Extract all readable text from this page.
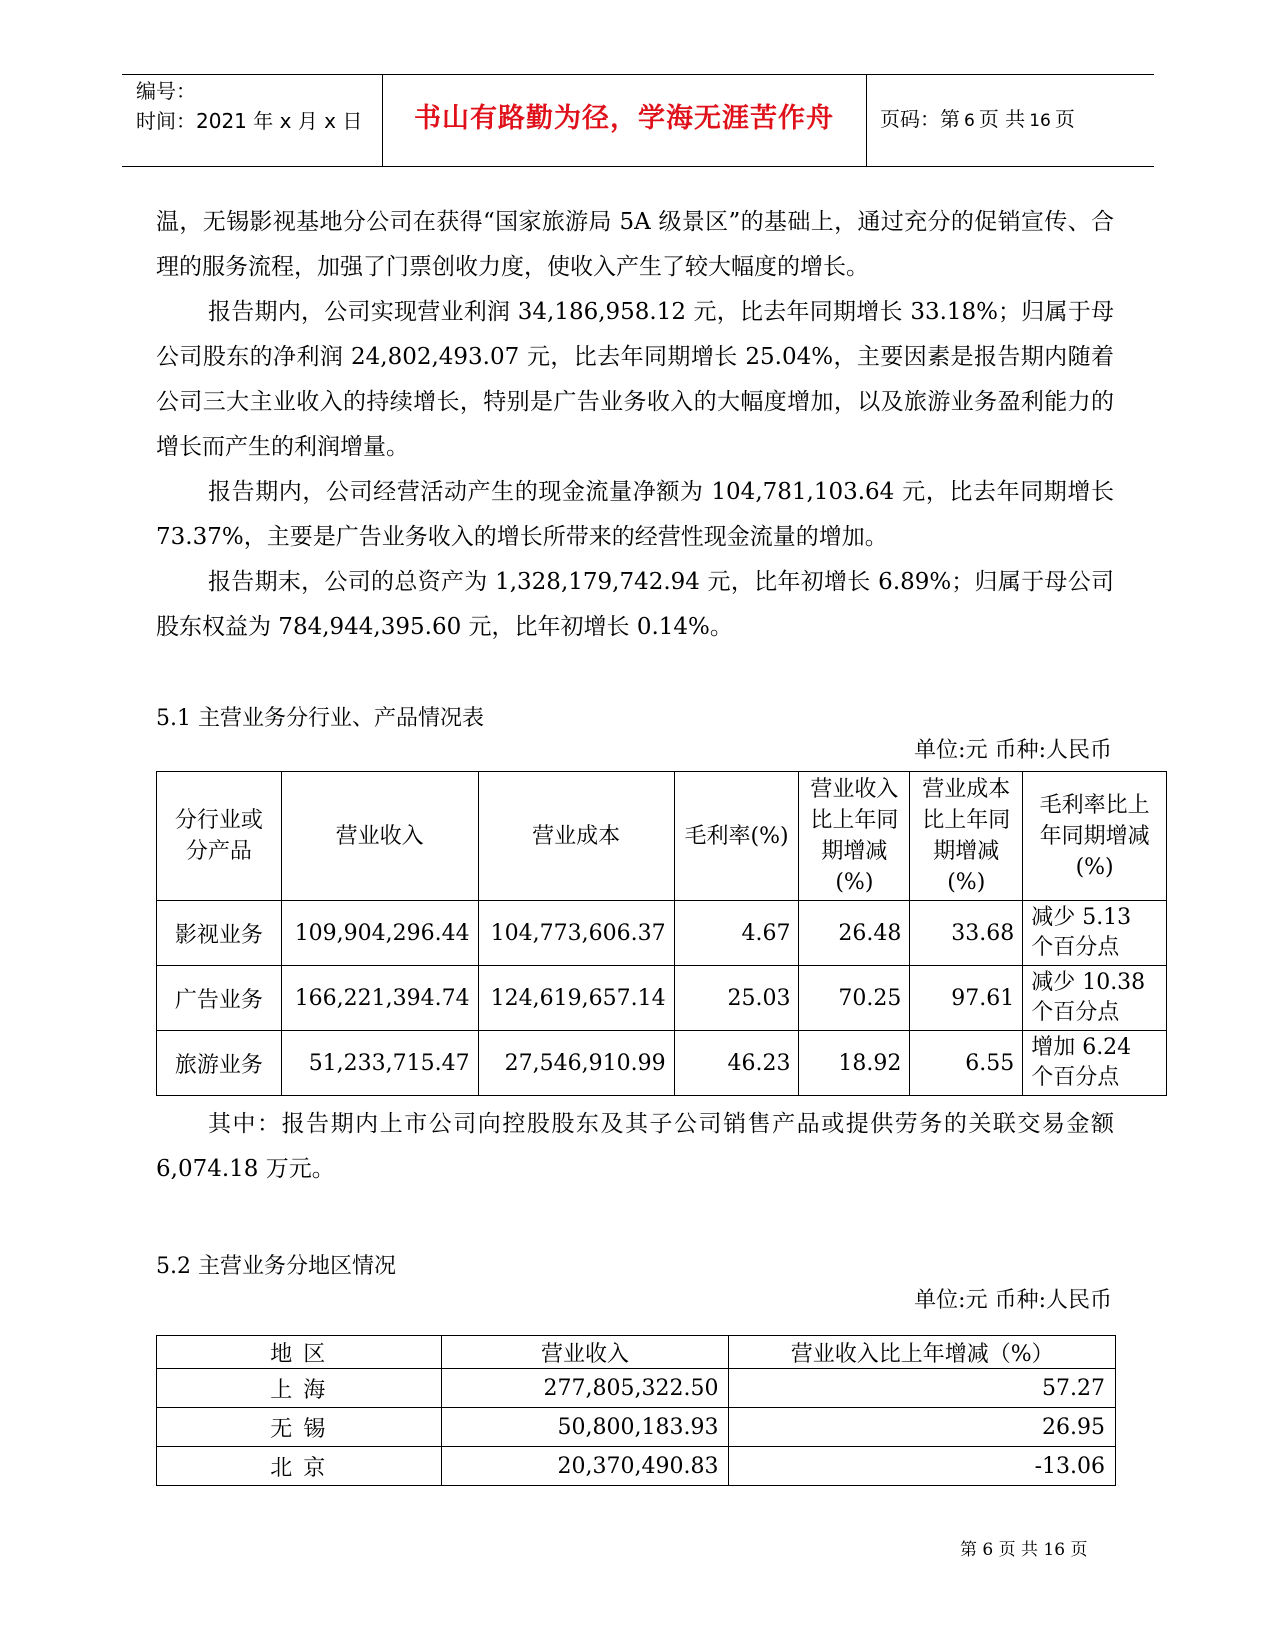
编号：
时间：2021 年 x 月 x 日	书山有路勤为径，学海无涯苦作舟	页码：第 6 页 共 16 页

温，无锡影视基地分公司在获得“国家旅游局 5A 级景区”的基础上，通过充分的促销宣传、合理的服务流程，加强了门票创收力度，使收入产生了较大幅度的增长。

报告期内，公司实现营业利润 34,186,958.12 元，比去年同期增长 33.18%；归属于母公司股东的净利润 24,802,493.07 元，比去年同期增长 25.04%，主要因素是报告期内随着公司三大主业收入的持续增长，特别是广告业务收入的大幅度增加，以及旅游业务盈利能力的增长而产生的利润增量。

报告期内，公司经营活动产生的现金流量净额为 104,781,103.64 元，比去年同期增长 73.37%，主要是广告业务收入的增长所带来的经营性现金流量的增加。

报告期末，公司的总资产为 1,328,179,742.94 元，比年初增长 6.89%；归属于母公司股东权益为 784,944,395.60 元，比年初增长 0.14%。

5.1 主营业务分行业、产品情况表
单位:元 币种:人民币
分行业或分产品	营业收入	营业成本	毛利率(%)	营业收入比上年同期增减(%)	营业成本比上年同期增减(%)	毛利率比上年同期增减(%)
影视业务	109,904,296.44	104,773,606.37	4.67	26.48	33.68	减少 5.13 个百分点
广告业务	166,221,394.74	124,619,657.14	25.03	70.25	97.61	减少 10.38 个百分点
旅游业务	51,233,715.47	27,546,910.99	46.23	18.92	6.55	增加 6.24 个百分点

其中：报告期内上市公司向控股股东及其子公司销售产品或提供劳务的关联交易金额 6,074.18 万元。

5.2 主营业务分地区情况
单位:元 币种:人民币
地 区	营业收入	营业收入比上年增减（%）
上 海	277,805,322.50	57.27
无 锡	50,800,183.93	26.95
北 京	20,370,490.83	-13.06
第 6 页 共 16 页
